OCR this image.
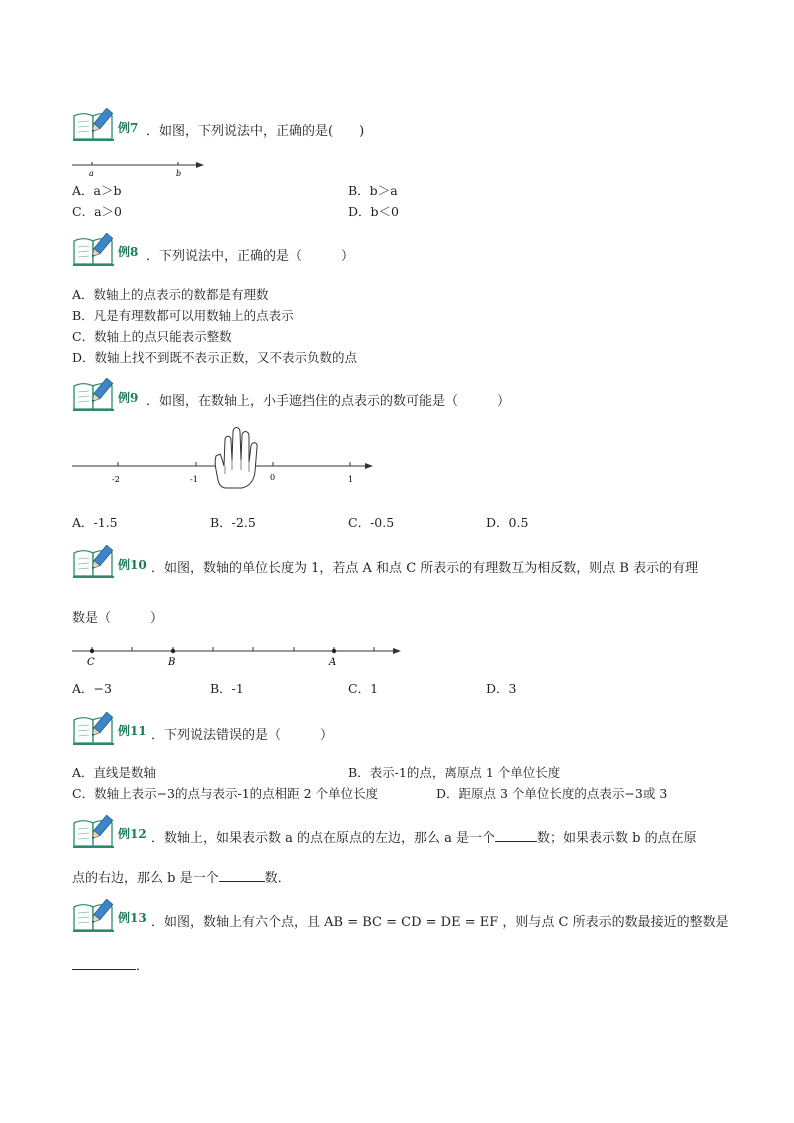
例7 ．如图，下列说法中，正确的是(　　)
a	b
A．a＞b	B．b＞a
C．a＞0	D．b＜0
例8 ．下列说法中，正确的是（　　　）
A．数轴上的点表示的数都是有理数
B．凡是有理数都可以用数轴上的点表示
C．数轴上的点只能表示整数
D．数轴上找不到既不表示正数，又不表示负数的点
例9 ．如图，在数轴上，小手遮挡住的点表示的数可能是（　　　）
-2	-1	0	1
A．-1.5	B．-2.5	C．-0.5	D．0.5
例10 ．如图，数轴的单位长度为 1，若点 A 和点 C 所表示的有理数互为相反数，则点 B 表示的有理
数是（　　　）
C	B	A
A．−3	B．-1	C．1	D．3
例11 ．下列说法错误的是（　　　）
A．直线是数轴	B．表示-1的点，离原点 1 个单位长度
C．数轴上表示−3的点与表示-1的点相距 2 个单位长度	D．距原点 3 个单位长度的点表示−3或 3
例12 ．数轴上，如果表示数 a 的点在原点的左边，那么 a 是一个	数；如果表示数 b 的点在原
点的右边，那么 b 是一个	数．
例13 ．如图，数轴上有六个点，且 AB = BC = CD = DE = EF ，则与点 C 所表示的数最接近的整数是
．
